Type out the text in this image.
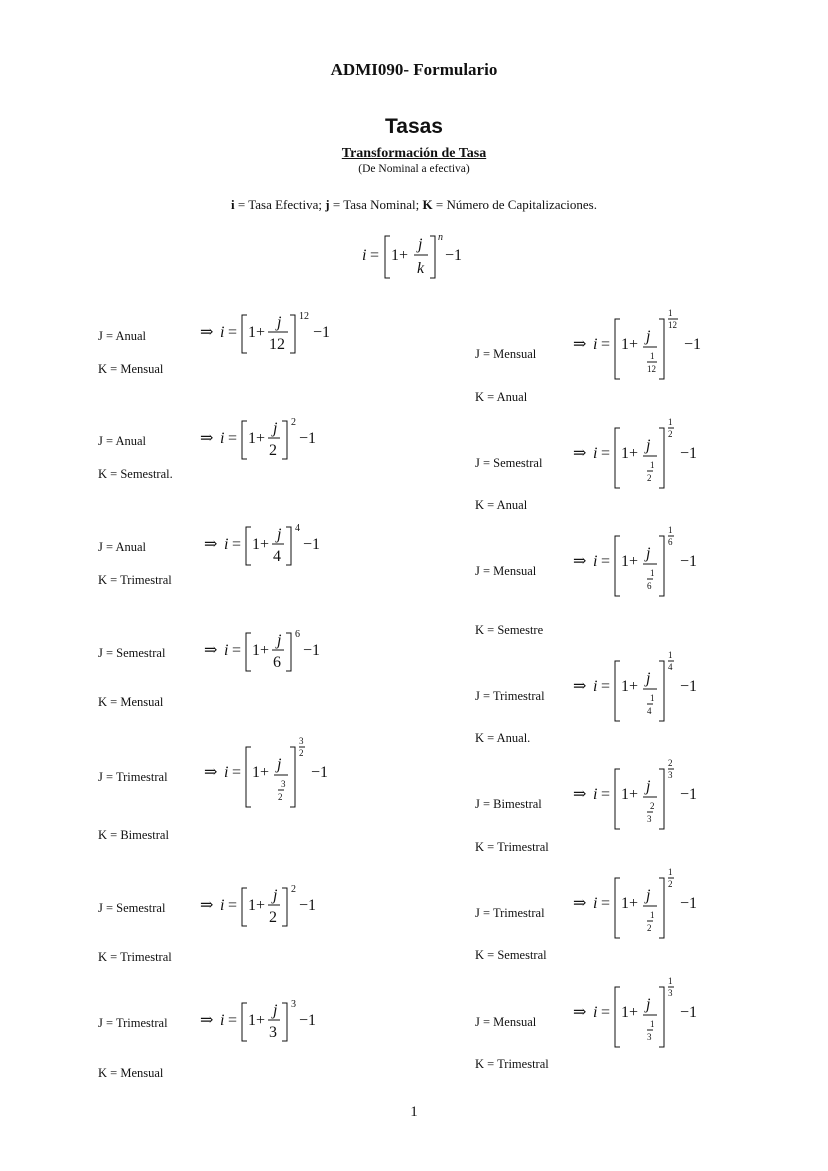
ADMI090- Formulario
Tasas
Transformación de Tasa
(De Nominal a efectiva)
i = Tasa Efectiva; j = Tasa Nominal; K = Número de Capitalizaciones.
i = 1+
j
k
n
−1
J = Anual
K = Mensual
⇒ i = 1+
j
12
12
−1
J = Anual
K = Semestral.
⇒ i = 1+
j
2
2
−1
J = Anual
K = Trimestral
⇒ i = 1+
j
4
4
−1
J = Semestral
K = Mensual
⇒ i = 1+
j
6
6
−1
J = Trimestral
K = Bimestral
⇒ i = 1+ j
3
2
3
2
−1
J = Semestral
K = Trimestral
⇒ i = 1+
j
2
2
−1
J = Trimestral
K = Mensual
⇒ i = 1+
j
3
3
−1
J = Mensual
K = Anual
⇒ i = 1+ j
1
12
1
12
−1
J = Semestral
K = Anual
⇒ i = 1+ j
1
2
1
2
−1
J = Mensual
K = Semestre
⇒ i = 1+ j
1
6
1
6
−1
J = Trimestral
K = Anual.
⇒ i = 1+ j
1
4
1
4
−1
J = Bimestral
K = Trimestral
⇒ i = 1+ j
2
3
2
3
−1
J = Trimestral
K = Semestral
⇒ i = 1+ j
1
2
1
2
−1
J = Mensual
K = Trimestral
⇒ i = 1+ j
1
3
1
3
−1
1
